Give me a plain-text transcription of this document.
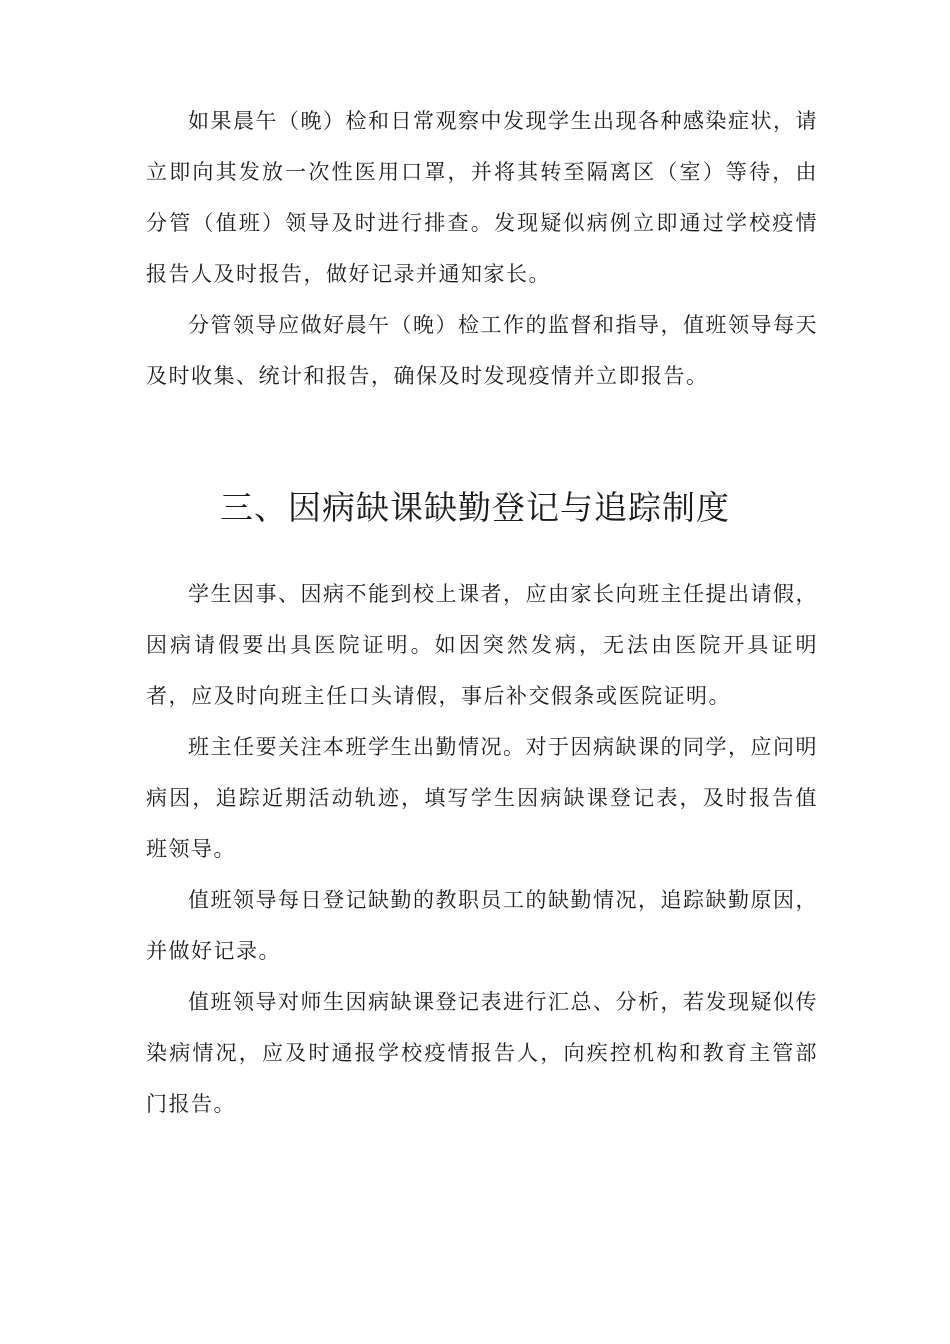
如果晨午（晚）检和日常观察中发现学生出现各种感染症状，请立即向其发放一次性医用口罩，并将其转至隔离区（室）等待，由分管（值班）领导及时进行排查。发现疑似病例立即通过学校疫情报告人及时报告，做好记录并通知家长。

分管领导应做好晨午（晚）检工作的监督和指导，值班领导每天及时收集、统计和报告，确保及时发现疫情并立即报告。

三、因病缺课缺勤登记与追踪制度

学生因事、因病不能到校上课者，应由家长向班主任提出请假，因病请假要出具医院证明。如因突然发病，无法由医院开具证明者，应及时向班主任口头请假，事后补交假条或医院证明。

班主任要关注本班学生出勤情况。对于因病缺课的同学，应问明病因，追踪近期活动轨迹，填写学生因病缺课登记表，及时报告值班领导。

值班领导每日登记缺勤的教职员工的缺勤情况，追踪缺勤原因，并做好记录。

值班领导对师生因病缺课登记表进行汇总、分析，若发现疑似传染病情况，应及时通报学校疫情报告人，向疾控机构和教育主管部门报告。
